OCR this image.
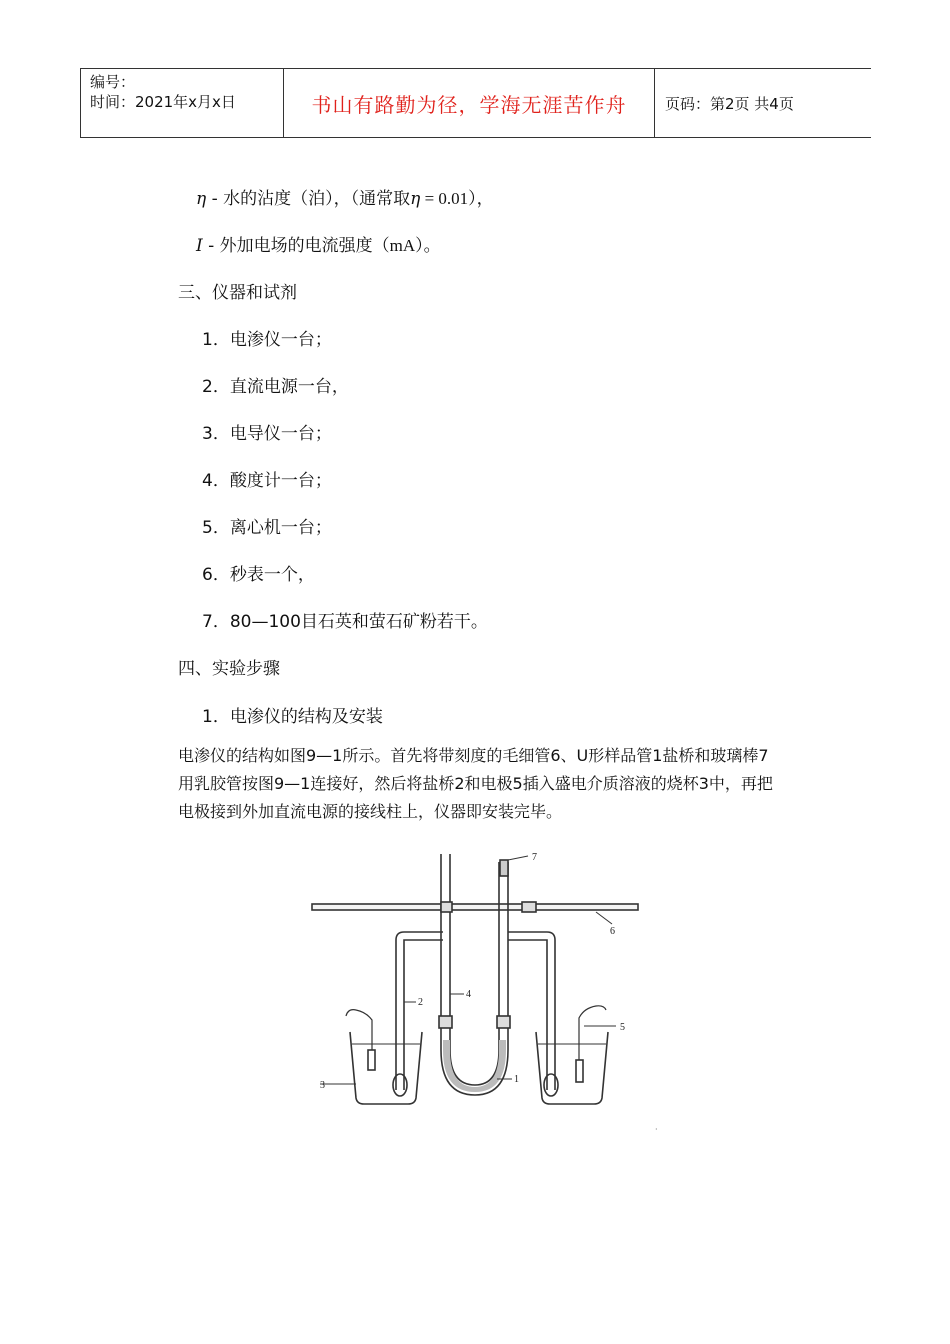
编号：
时间：2021年x月x日	书山有路勤为径，学海无涯苦作舟	页码：第2页 共4页
η - 水的沾度（泊），（通常取η = 0.01），
I - 外加电场的电流强度（mA）。
三、仪器和试剂
1．电渗仪一台；
2．直流电源一台，
3．电导仪一台；
4．酸度计一台；
5．离心机一台；
6．秒表一个，
7．80—100目石英和萤石矿粉若干。
四、实验步骤
1．电渗仪的结构及安装
电渗仪的结构如图9—1所示。首先将带刻度的毛细管6、U形样品管1盐桥和玻璃棒7用乳胶管按图9—1连接好，然后将盐桥2和电极5插入盛电介质溶液的烧杯3中，再把电极接到外加直流电源的接线柱上，仪器即安装完毕。
1
2
3
4
5
6
7
·
